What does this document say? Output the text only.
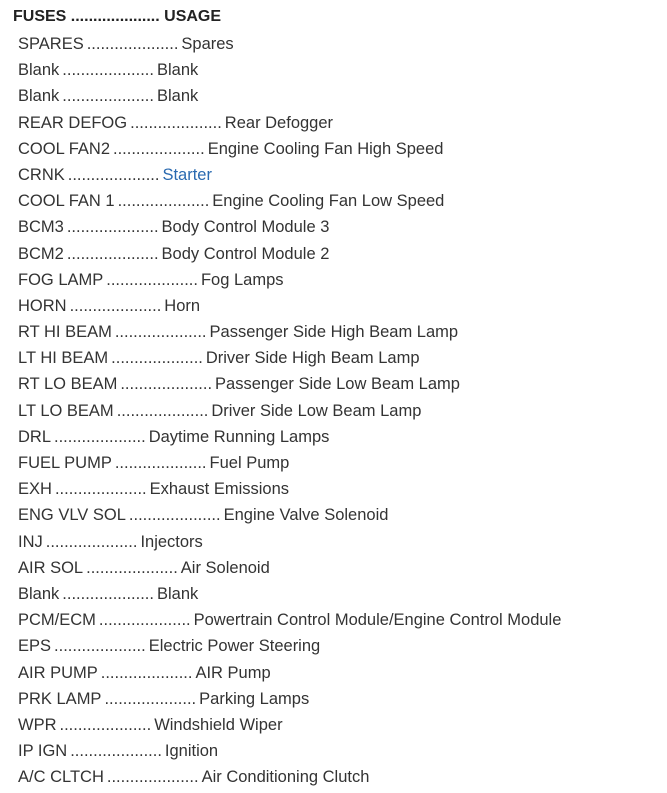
FUSES .................... USAGE
SPARES .................... Spares
Blank .................... Blank
Blank .................... Blank
REAR DEFOG .................... Rear Defogger
COOL FAN2 .................... Engine Cooling Fan High Speed
CRNK .................... Starter
COOL FAN 1 .................... Engine Cooling Fan Low Speed
BCM3 .................... Body Control Module 3
BCM2 .................... Body Control Module 2
FOG LAMP .................... Fog Lamps
HORN .................... Horn
RT HI BEAM .................... Passenger Side High Beam Lamp
LT HI BEAM .................... Driver Side High Beam Lamp
RT LO BEAM .................... Passenger Side Low Beam Lamp
LT LO BEAM .................... Driver Side Low Beam Lamp
DRL .................... Daytime Running Lamps
FUEL PUMP .................... Fuel Pump
EXH .................... Exhaust Emissions
ENG VLV SOL .................... Engine Valve Solenoid
INJ .................... Injectors
AIR SOL .................... Air Solenoid
Blank .................... Blank
PCM/ECM .................... Powertrain Control Module/Engine Control Module
EPS .................... Electric Power Steering
AIR PUMP .................... AIR Pump
PRK LAMP .................... Parking Lamps
WPR .................... Windshield Wiper
IP IGN .................... Ignition
A/C CLTCH .................... Air Conditioning Clutch
